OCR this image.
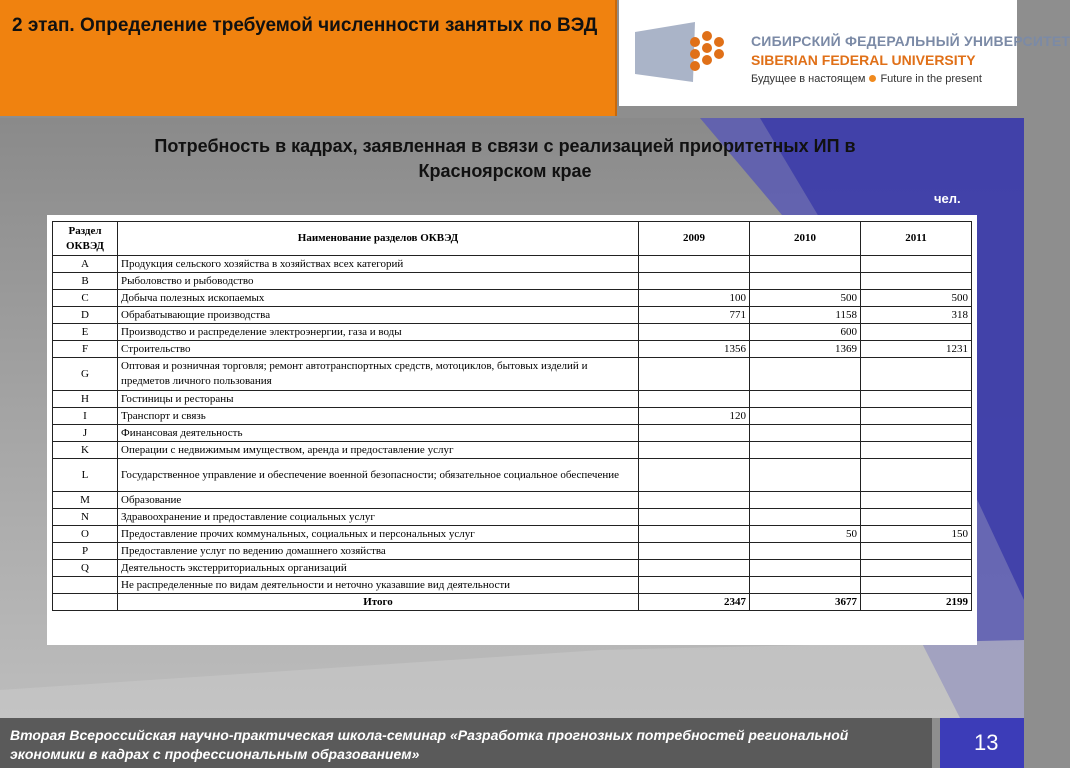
2 этап. Определение требуемой численности занятых по ВЭД
СИБИРСКИЙ ФЕДЕРАЛЬНЫЙ УНИВЕРСИТЕТ
SIBERIAN FEDERAL UNIVERSITY
Будущее в настоящем Future in the present
Потребность в кадрах, заявленная в связи с реализацией приоритетных ИП в Красноярском крае
чел.
Раздел ОКВЭД	Наименование разделов ОКВЭД	2009	2010	2011
A	Продукция сельского хозяйства в хозяйствах всех категорий			
B	Рыболовство и рыбоводство			
C	Добыча полезных ископаемых	100	500	500
D	Обрабатывающие производства	771	1158	318
E	Производство и распределение электроэнергии, газа и воды		600	
F	Строительство	1356	1369	1231
G	Оптовая и розничная торговля; ремонт автотранспортных средств, мотоциклов, бытовых изделий и предметов личного пользования			
H	Гостиницы и рестораны			
I	Транспорт и связь	120		
J	Финансовая деятельность			
K	Операции с недвижимым имуществом, аренда и предоставление услуг			
L	Государственное управление и обеспечение военной безопасности; обязательное социальное обеспечение			
M	Образование			
N	Здравоохранение и предоставление социальных услуг			
O	Предоставление прочих коммунальных, социальных и персональных услуг		50	150
P	Предоставление услуг по ведению домашнего хозяйства			
Q	Деятельность экстерриториальных организаций			
	Не распределенные по видам деятельности и неточно указавшие вид деятельности			
	Итого	2347	3677	2199
Вторая Всероссийская научно-практическая школа-семинар «Разработка прогнозных потребностей региональной экономики в кадрах с профессиональным образованием»	13
